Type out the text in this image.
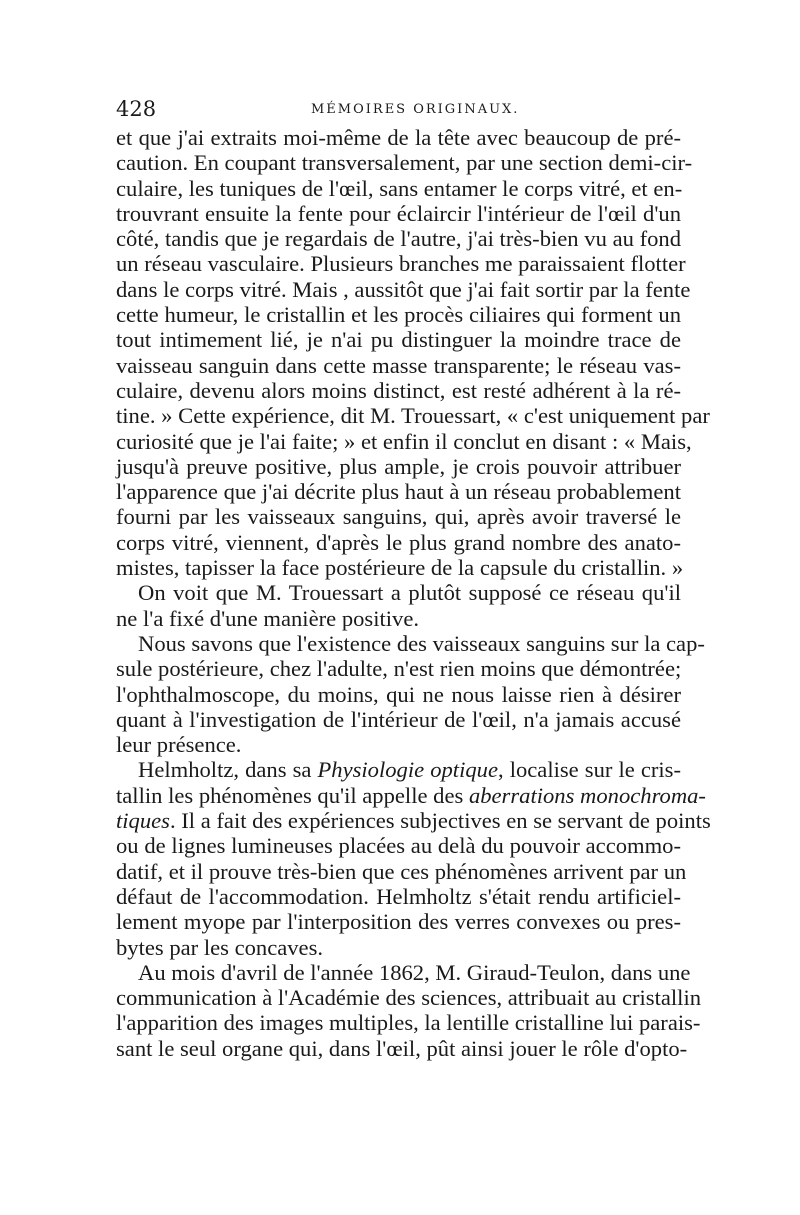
428	MÉMOIRES ORIGINAUX.
et que j'ai extraits moi-même de la tête avec beaucoup de pré-
caution. En coupant transversalement, par une section demi-cir-
culaire, les tuniques de l'œil, sans entamer le corps vitré, et en-
trouvrant ensuite la fente pour éclaircir l'intérieur de l'œil d'un
côté, tandis que je regardais de l'autre, j'ai très-bien vu au fond
un réseau vasculaire. Plusieurs branches me paraissaient flotter
dans le corps vitré. Mais , aussitôt que j'ai fait sortir par la fente
cette humeur, le cristallin et les procès ciliaires qui forment un
tout intimement lié, je n'ai pu distinguer la moindre trace de
vaisseau sanguin dans cette masse transparente; le réseau vas-
culaire, devenu alors moins distinct, est resté adhérent à la ré-
tine. » Cette expérience, dit M. Trouessart, « c'est uniquement par
curiosité que je l'ai faite; » et enfin il conclut en disant : « Mais,
jusqu'à preuve positive, plus ample, je crois pouvoir attribuer
l'apparence que j'ai décrite plus haut à un réseau probablement
fourni par les vaisseaux sanguins, qui, après avoir traversé le
corps vitré, viennent, d'après le plus grand nombre des anato-
mistes, tapisser la face postérieure de la capsule du cristallin. »
On voit que M. Trouessart a plutôt supposé ce réseau qu'il
ne l'a fixé d'une manière positive.
Nous savons que l'existence des vaisseaux sanguins sur la cap-
sule postérieure, chez l'adulte, n'est rien moins que démontrée;
l'ophthalmoscope, du moins, qui ne nous laisse rien à désirer
quant à l'investigation de l'intérieur de l'œil, n'a jamais accusé
leur présence.
Helmholtz, dans sa Physiologie optique, localise sur le cris-
tallin les phénomènes qu'il appelle des aberrations monochroma-
tiques. Il a fait des expériences subjectives en se servant de points
ou de lignes lumineuses placées au delà du pouvoir accommo-
datif, et il prouve très-bien que ces phénomènes arrivent par un
défaut de l'accommodation. Helmholtz s'était rendu artificiel-
lement myope par l'interposition des verres convexes ou pres-
bytes par les concaves.
Au mois d'avril de l'année 1862, M. Giraud-Teulon, dans une
communication à l'Académie des sciences, attribuait au cristallin
l'apparition des images multiples, la lentille cristalline lui parais-
sant le seul organe qui, dans l'œil, pût ainsi jouer le rôle d'opto-
